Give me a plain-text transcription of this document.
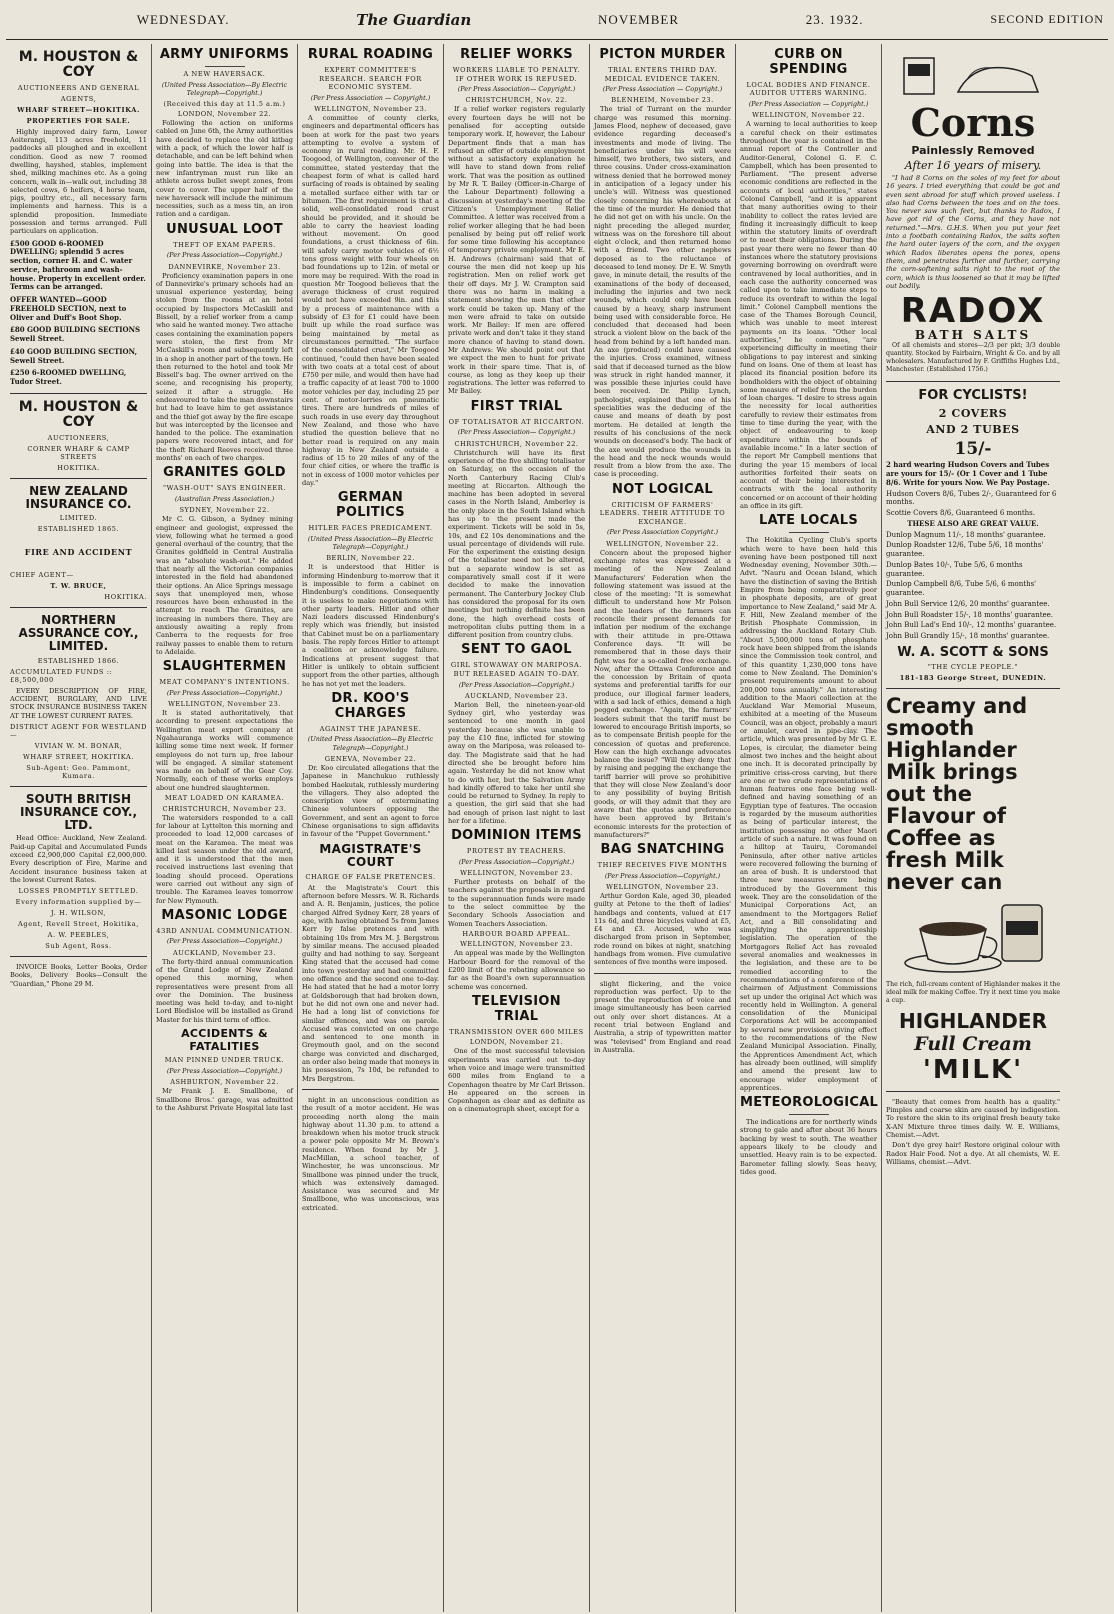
WEDNESDAY.	The Guardian	NOVEMBER	23. 1932.	SECOND EDITION
M. HOUSTON & COY
AUCTIONEERS AND GENERAL
AGENTS,
WHARF STREET—HOKITIKA.
PROPERTIES FOR SALE.

Highly improved dairy farm, Lower Aoiterangi, 113 acres freehold, 11 paddocks all ploughed and in excellent condition. Good as new 7 roomed dwelling, hayshed, stables, implement shed, milking machines etc. As a going concern, walk in—walk out, including 38 selected cows, 6 heifers, 4 horse team, pigs, poultry etc., all necessary farm implements and harness. This is a splendid proposition. Immediate possession and terms arranged. Full particulars on application.

£500 GOOD 6-ROOMED DWELLING; splendid 5 acres section, corner H. and C. water service, bathroom and wash-house. Property in excellent order. Terms can be arranged.
OFFER WANTED—GOOD FREEHOLD SECTION, next to Oliver and Duff's Boot Shop.
£80 GOOD BUILDING SECTIONS Sewell Street.
£40 GOOD BUILDING SECTION, Sewell Street.
£250 6-ROOMED DWELLING, Tudor Street.
M. HOUSTON & COY
AUCTIONEERS,
CORNER WHARF & CAMP STREETS
HOKITIKA.
NEW ZEALAND INSURANCE CO.
LIMITED.
ESTABLISHED 1865.
FIRE AND ACCIDENT
CHIEF AGENT—
T. W. BRUCE,
HOKITIKA.
NORTHERN ASSURANCE COY., LIMITED.
ESTABLISHED 1866.
ACCUMULATED FUNDS :: £8,500,000

EVERY DESCRIPTION OF FIRE, ACCIDENT, BURGLARY, AND LIVE STOCK INSURANCE BUSINESS TAKEN AT THE LOWEST CURRENT RATES.

DISTRICT AGENT FOR WESTLAND—
VIVIAN W. M. BONAR,
WHARF STREET, HOKITIKA.
Sub-Agent: Geo. Pammont, Kumara.
SOUTH BRITISH INSURANCE COY., LTD.

Head Office: Auckland, New Zealand. Paid-up Capital and Accumulated Funds exceed £2,900,000 Capital £2,000,000. Every description of Fire, Marine and Accident insurance business taken at the lowest Current Rates.

LOSSES PROMPTLY SETTLED.
Every information supplied by—
J. H. WILSON,
Agent, Revell Street, Hokitika,
A. W. PEEBLES,
Sub Agent, Ross.

INVOICE Books, Letter Books, Order Books, Delivery Books—Consult the "Guardian," Phone 29 M.

ARMY UNIFORMS
A NEW HAVERSACK.
(United Press Association—By Electric Telegraph—Copyright.)
(Received this day at 11.5 a.m.)
LONDON, November 22.

Following the action on uniforms cabled on June 6th, the Army authorities have decided to replace the old kitbag with a pack, of which the lower half is detachable, and can be left behind when going into battle. The idea is that the new infantryman must run like an athlete across bullet swept zones, from cover to cover. The upper half of the new haversack will include the minimum necessities, such as a mess tin, an iron ration and a cardigan.

UNUSUAL LOOT
THEFT OF EXAM PAPERS.
(Per Press Association—Copyright.)
DANNEVIRKE, November 23.

Proficiency examination papers in one of Dannevirke's primary schools had an unusual experience yesterday, being stolen from the rooms at an hotel occupied by Inspectors McCaskill and Bissell, by a relief worker from a camp who said he wanted money. Two attache cases containing the examination papers were stolen, the first from Mr McCaskill's room and subsequently left in a shop in another part of the town. He then returned to the hotel and took Mr Bissell's bag. The owner arrived on the scene, and recognising his property, seized it after a struggle. He endeavoured to take the man downstairs but had to leave him to get assistance and the thief got away by the fire escape but was intercepted by the licensee and handed to the police. The examination papers were recovered intact, and for the theft Richard Reeves received three months' on each of two charges.

GRANITES GOLD
"WASH-OUT" SAYS ENGINEER.
(Australian Press Association.)
SYDNEY, November 22.

Mr C. G. Gibson, a Sydney mining engineer and geologist, expressed the view, following what he termed a good general overhaul of the country, that the Granites goldfield in Central Australia was an "absolute wash-out." He added that nearly all the Victorian companies interested in the field had abandoned their options. An Alice Springs message says that unemployed men, whose resources have been exhausted in the attempt to reach The Granites, are increasing in numbers there. They are anxiously awaiting a reply from Canberra to the requests for free railway passes to enable them to return to Adelaide.

SLAUGHTERMEN
MEAT COMPANY'S INTENTIONS.
(Per Press Association—Copyright.)
WELLINGTON, November 23.

It is stated authoritatively, that according to present expectations the Wellington meat export company at Ngahauranga works will commence killing some time next week. If former employees do not turn up, free labour will be engaged. A similar statement was made on behalf of the Gear Coy. Normally, each of these works employs about one hundred slaughtermen.

MEAT LOADED ON KARAMEA.
CHRISTCHURCH, November 23.

The watersiders responded to a call for labour at Lyttelton this morning and proceeded to load 12,000 carcases of meat on the Karamea. The meat was killed last season under the old award, and it is understood that the men received instructions last evening that loading should proceed. Operations were carried out without any sign of trouble. The Karamea leaves tomorrow for New Plymouth.

MASONIC LODGE
43RD ANNUAL COMMUNICATION.
(Per Press Association—Copyright.)
AUCKLAND, November 23.

The forty-third annual communication of the Grand Lodge of New Zealand opened this morning, when representatives were present from all over the Dominion. The business meeting was held to-day, and to-night Lord Bledisloe will be installed as Grand Master for his third term of office.

ACCIDENTS & FATALITIES
MAN PINNED UNDER TRUCK.
(Per Press Association—Copyright.)
ASHBURTON, November 22.

Mr Frank J. E. Smallbone, of Smallbone Bros.' garage, was admitted to the Ashburst Private Hospital late last

RURAL ROADING
EXPERT COMMITTEE'S RESEARCH. SEARCH FOR ECONOMIC SYSTEM.
(Per Press Association — Copyright.)
WELLINGTON, November 23.

A committee of county clerks, engineers and departmental officers has been at work for the past two years attempting to evolve a system of economy in rural roading. Mr. H. F. Toogood, of Wellington, convener of the committee, stated yesterday that the cheapest form of what is called hard surfacing of roads is obtained by sealing a metalled surface either with tar or bitumen. The first requirement is that a solid, well-consolidated road crust should be provided, and it should be able to carry the heaviest loading without movement. On good foundations, a crust thickness of 6in. will safely carry motor vehicles of 6½ tons gross weight with four wheels on bad foundations up to 12in. of metal or more may be required. With the road in question Mr Toogood believes that the average thickness of crust required would not have exceeded 9in. and this by a process of maintenance with a subsidy of £3 for £1 could have been built up while the road surface was being maintained by metal as circumstances permitted. "The surface of the consolidated crust," Mr Toogood continued, "could then have been sealed with two coats at a total cost of about £750 per mile, and would then have had a traffic capacity of at least 700 to 1000 motor vehicles per day, including 25 per cent. of motor-lorries on pneumatic tires. There are hundreds of miles of such roads in use every day throughout New Zealand, and those who have studied the question believe that no better road is required on any main highway in New Zealand outside a radius of 15 to 20 miles of any of the four chief cities, or where the traffic is not in excess of 1000 motor vehicles per day."

GERMAN POLITICS
HITLER FACES PREDICAMENT.
(United Press Association—By Electric Telegraph—Copyright.)
BERLIN, November 22.

It is understood that Hitler is informing Hindenburg to-morrow that it is impossible to form a cabinet on Hindenburg's conditions. Consequently it is useless to make negotiations with other party leaders. Hitler and other Nazi leaders discussed Hindenburg's reply which was friendly, but insisted that Cabinet must be on a parliamentary basis. The reply forces Hitler to attempt a coalition or acknowledge failure. Indications at present suggest that Hitler is unlikely to obtain sufficient support from the other parties, although he has not yet met the leaders.

DR. KOO'S CHARGES
AGAINST THE JAPANESE.
(United Press Association—By Electric Telegraph—Copyright.)
GENEVA, November 22.

Dr. Koo circulated allegations that the Japanese in Manchukuo ruthlessly bombed Haekutak, ruthlessly murdering the villagers. They also adopted the conscription view of exterminating Chinese volunteers opposing the Government, and sent an agent to force Chinese organisations to sign affidavits in favour of the "Puppet Government."

MAGISTRATE'S COURT
CHARGE OF FALSE PRETENCES.

At the Magistrate's Court this afternoon before Messrs. W. R. Richards and A. R. Benjamin, justices, the police charged Alfred Sydney Kerr, 28 years of age, with having obtained 5s from James Kerr by false pretences and with obtaining 10s from Mrs M. J. Bergstrom by similar means. The accused pleaded guilty and had nothing to say. Sergeant King stated that the accused had come into town yesterday and had committed one offence and the second one to-day. He had stated that he had a motor lorry at Goldsborough that had broken down, but he did not own one and never had. He had a long list of convictions for similar offences, and was on parole. Accused was convicted on one charge and sentenced to one month in Greymouth gaol, and on the second charge was convicted and discharged, an order also being made that moneys in his possession, 7s 10d, be refunded to Mrs Bergstrom.

night in an unconscious condition as the result of a motor accident. He was proceeding north along the main highway about 11.30 p.m. to attend a breakdown when his motor truck struck a power pole opposite Mr M. Brown's residence. When found by Mr J. MacMillan, a school teacher, of Winchester, he was unconscious. Mr Smallbone was pinned under the truck, which was extensively damaged. Assistance was secured and Mr Smallbone, who was unconscious, was extricated.

RELIEF WORKS
WORKERS LIABLE TO PENALTY. IF OTHER WORK IS REFUSED.
(Per Press Association— Copyright.)
CHRISTCHURCH, Nov. 22.

If a relief worker registers regularly every fourteen days he will not be penalised for accepting outside temporary work. If, however, the Labour Department finds that a man has refused an offer of outside employment without a satisfactory explanation he will have to stand down from relief work. That was the position as outlined by Mr R. T. Bailey (Officer-in-Charge of the Labour Department) following a discussion at yesterday's meeting of the Citizen's Unemployment Relief Committee. A letter was received from a relief worker alleging that he had been penalised by being put off relief work for some time following his acceptance of temporary private employment. Mr E. H. Andrews (chairman) said that of course the men did not keep up his registration. Men on relief work get their off days. Mr J. W. Crampton said there was no harm in making a statement showing the men that other work could be taken up. Many of the men were afraid to take on outside work. Mr Bailey: If men are offered private work and don't take it they stand more chance of having to stand down. Mr Andrews: We should point out that we expect the men to hunt for private work in their spare time. That is, of course, as long as they keep up their registrations. The letter was referred to Mr Bailey.

FIRST TRIAL
OF TOTALISATOR AT RICCARTON.
(Per Press Association— Copyright.)
CHRISTCHURCH, November 22.

Christchurch will have its first experience of the five shilling totalisator on Saturday, on the occasion of the North Canterbury Racing Club's meeting at Riccarton. Although the machine has been adopted in several cases in the North Island, Amberley is the only place in the South Island which has up to the present made the experiment. Tickets will be sold in 5s, 10s, and £2 10s denominations and the usual percentage of dividends will rule. For the experiment the existing design of the totalisator need not be altered, but a separate window is set as comparatively small cost if it were decided to make the innovation permanent. The Canterbury Jockey Club has considered the proposal for its own meetings but nothing definite has been done, the high overhead costs of metropolitan clubs putting them in a different position from country clubs.

SENT TO GAOL
GIRL STOWAWAY ON MARIPOSA. BUT RELEASED AGAIN TO-DAY.
(Per Press Association—Copyright.)
AUCKLAND, November 23.

Marion Bell, the nineteen-year-old Sydney girl, who yesterday was sentenced to one month in gaol yesterday because she was unable to pay the £10 fine, inflicted for stowing away on the Mariposa, was released to-day. The Magistrate said that he had directed she be brought before him again. Yesterday he did not know what to do with her, but the Salvation Army had kindly offered to take her until she could be returned to Sydney. In reply to a question, the girl said that she had had enough of prison last night to last her for a lifetime.

DOMINION ITEMS
PROTEST BY TEACHERS.
(Per Press Association—Copyright.)
WELLINGTON, November 23.

Further protests on behalf of the teachers against the proposals in regard to the superannuation funds were made to the select committee by the Secondary Schools Association and Women Teachers Association.

HARBOUR BOARD APPEAL.
WELLINGTON, November 23.

An appeal was made by the Wellington Harbour Board for the removal of the £200 limit of the rebating allowance so far as the Board's own superannuation scheme was concerned.

TELEVISION TRIAL
TRANSMISSION OVER 600 MILES
LONDON, November 21.

One of the most successful television experiments was carried out to-day when voice and image were transmitted 600 miles from England to a Copenhagen theatre by Mr Carl Brisson. He appeared on the screen in Copenhagen as clear and as definite as on a cinematograph sheet, except for a

PICTON MURDER
TRIAL ENTERS THIRD DAY. MEDICAL EVIDENCE TAKEN.
(Per Press Association — Copyright.)
BLENHEIM, November 23.

The trial of Turrant on the murder charge was resumed this morning. James Flood, nephew of deceased, gave evidence regarding deceased's investments and mode of living. The beneficiaries under his will were himself, two brothers, two sisters, and three cousins. Under cross-examination witness denied that he borrowed money in anticipation of a legacy under his uncle's will. Witness was questioned closely concerning his whereabouts at the time of the murder. He denied that he did not get on with his uncle. On the night preceding the alleged murder, witness was on the foreshore till about eight o'clock, and then returned home with a friend. Two other nephews deposed as to the reluctance of deceased to lend money. Dr E. W. Smyth gave, in minute detail, the results of the examinations of the body of deceased, including the injuries and two neck wounds, which could only have been caused by a heavy, sharp instrument being used with considerable force. He concluded that deceased had been struck a violent blow on the back of the head from behind by a left handed man. An axe (produced) could have caused the injuries. Cross examined, witness said that if deceased turned as the blow was struck in right handed manner, it was possible these injuries could have been received. Dr. Philip Lynch, pathologist, explained that one of his specialities was the deducing of the cause and means of death by post mortem. He detailed at length the results of his conclusions of the neck wounds on deceased's body. The back of the axe would produce the wounds in the head and the neck wounds would result from a blow from the axe. The case is proceeding.

NOT LOGICAL
CRITICISM OF FARMERS' LEADERS. THEIR ATTITUDE TO EXCHANGE.
(Per Press Association Copyright.)
WELLINGTON, November 22.

Concern about the proposed higher exchange rates was expressed at a meeting of the New Zealand Manufacturers' Federation when the following statement was issued at the close of the meeting: "It is somewhat difficult to understand how Mr Polson and the leaders of the farmers can reconcile their present demands for inflation per medium of the exchange with their attitude in pre-Ottawa Conference days. "It will be remembered that in those days their fight was for a so-called free exchange. Now, after the Ottawa Conference and the concession by Britain of quota systems and preferential tariffs for our produce, our illogical farmer leaders, with a sad lack of ethics, demand a high pegged exchange. "Again, the farmers' leaders submit that the tariff must be lowered to encourage British imports, so as to compensate British people for the concession of quotas and preference. How can the high exchange advocates balance the issue? "Will they deny that by raising and pegging the exchange the tariff barrier will prove so prohibitive that they will close New Zealand's door to any possibility of buying British goods, or will they admit that they are aware that the quotas and preference have been approved by Britain's economic interests for the protection of manufacturers?"

BAG SNATCHING
THIEF RECEIVES FIVE MONTHS
(Per Press Association—Copyright.)
WELLINGTON, November 23.

Arthur Gordon Kale, aged 30, pleaded guilty at Petone to the theft of ladies' handbags and contents, valued at £17 11s 6d, and three bicycles valued at £5, £4 and £3. Accused, who was discharged from prison in September, rode round on bikes at night, snatching handbags from women. Five cumulative sentences of five months were imposed.

slight flickering, and the voice reproduction was perfect. Up to the present the reproduction of voice and image simultaneously has been carried out only over short distances. At a recent trial between England and Australia, a strip of typewritten matter was "televised" from England and read in Australia.

CURB ON SPENDING
LOCAL BODIES AND FINANCE. AUDITOR UTTERS WARNING.
(Per Press Association — Copyright.)
WELLINGTON, November 22.

A warning to local authorities to keep a careful check on their estimates throughout the year is contained in the annual report of the Controller and Auditor-General, Colonel G. F. C. Campbell, which has been presented to Parliament. "The present adverse economic conditions are reflected in the accounts of local authorities," states Colonel Campbell, "and it is apparent that many authorities owing to their inability to collect the rates levied are finding it increasingly difficult to keep within the statutory limits of overdraft or to meet their obligations. During the past year there were no fewer than 40 instances where the statutory provisions governing borrowing on overdraft were contravened by local authorities, and in each case the authority concerned was called upon to take immediate steps to reduce its overdraft to within the legal limit." Colonel Campbell mentions the case of the Thames Borough Council, which was unable to meet interest payments on its loans. "Other local authorities," he continues, "are experiencing difficulty in meeting their obligations to pay interest and sinking fund on loans. One of them at least has placed its financial position before its bondholders with the object of obtaining some measure of relief from the burden of loan charges. "I desire to stress again the necessity for local authorities carefully to review their estimates from time to time during the year, with the object of endeavouring to keep expenditure within the bounds of available income." In a later section of the report Mr Campbell mentions that during the year 15 members of local authorities forfeited their seats on account of their being interested in contracts with the local authority concerned or on account of their holding an office in its gift.

LATE LOCALS

The Hokitika Cycling Club's sports which were to have been held this evening have been postponed till next Wednesday evening, November 30th.—Advt. "Nauru and Ocean Island, which have the distinction of saving the British Empire from being comparatively poor in phosphate deposits, are of great importance to New Zealand," said Mr A. F. Hill, New Zealand member of the British Phosphate Commission, in addressing the Auckland Rotary Club. "About 5,500,000 tons of phosphate rock have been shipped from the islands since the Commission took control, and of this quantity 1,230,000 tons have come to New Zealand. The Dominion's present requirements amount to about 200,000 tons annually." An interesting addition to the Maori collection at the Auckland War Memorial Museum, exhibited at a meeting of the Museum Council, was an object, probably a mauri or amulet, carved in pipe-clay. The article, which was presented by Mr G. E. Lopes, is circular, the diameter being almost two inches and the height about one inch. It is decorated principally by primitive criss-cross carving, but there are one or two crude representations of human features one face being well-defined and having something of an Egyptian type of features. The occasion is regarded by the museum authorities as being of particular interest, the institution possessing no other Maori article of such a nature. It was found on a hilltop at Tauiru, Coromandel Peninsula, after other native articles were recovered following the burning of an area of bush. It is understood that three new measures are being introduced by the Government this week. They are the consolidation of the Municipal Corporations Act, an amendment to the Mortgagors Relief Act, and a Bill consolidating and simplifying the apprenticeship legislation. The operation of the Mortgagors Relief Act has revealed several anomalies and weaknesses in the legislation, and these are to be remedied according to the recommendations of a conference of the chairmen of Adjustment Commissions set up under the original Act which was recently held in Wellington. A general consolidation of the Municipal Corporations Act will be accompanied by several new provisions giving effect to the recommendations of the New Zealand Municipal Association. Finally, the Apprentices Amendment Act, which has already been outlined, will simplify and amend the present law to encourage wider employment of apprentices.

METEOROLOGICAL

The indications are for northerly winds strong to gale and after about 36 hours backing by west to south. The weather appears likely to be cloudy and unsettled. Heavy rain is to be expected. Barometer falling slowly. Seas heavy, tides good.

Corns
Painlessly Removed
After 16 years of misery.

"I had 8 Corns on the soles of my feet for about 16 years. I tried everything that could be got and even sent abroad for stuff which proved useless. I also had Corns between the toes and on the toes. You never saw such feet, but thanks to Radox, I have got rid of the Corns, and they have not returned."—Mrs. G.H.S. When you put your feet into a footbath containing Radox, the salts soften the hard outer layers of the corn, and the oxygen which Radox liberates opens the pores, opens them, and penetrates further and further, carrying the corn-softening salts right to the root of the corn, which is thus loosened so that it may be lifted out bodily.

RADOX
BATH SALTS

Of all chemists and stores—2/3 per pkt; 3/3 double quantity. Stocked by Fairbairn, Wright & Co. and by all wholesalers. Manufactured by F. Griffiths Hughes Ltd., Manchester. (Established 1756.)

FOR CYCLISTS!
2 COVERS
AND 2 TUBES
15/-

2 hard wearing Hudson Covers and Tubes are yours for 15/- (Or 1 Cover and 1 Tube 8/6. Write for yours Now. We Pay Postage.

Hudson Covers 8/6, Tubes 2/-, Guaranteed for 6 months.

Scottie Covers 8/6, Guaranteed 6 months.

THESE ALSO ARE GREAT VALUE.

Dunlop Magnum 11/-, 18 months' guarantee.

Dunlop Roadster 12/6, Tube 5/6, 18 months' guarantee.

Dunlop Bates 10/-, Tube 5/6, 6 months guarantee.

Dunlop Campbell 8/6, Tube 5/6, 6 months' guarantee.

John Bull Service 12/6, 20 months' guarantee.

John Bull Roadster 15/-, 18 months' guarantee.

John Bull Lad's End 10/-, 12 months' guarantee.

John Bull Grandly 15/-, 18 months' guarantee.

W. A. SCOTT & SONS
"THE CYCLE PEOPLE."
181-183 George Street, DUNEDIN.
Creamy and smooth Highlander Milk brings out the Flavour of Coffee as fresh Milk never can

The rich, full-cream content of Highlander makes it the ideal milk for making Coffee. Try it next time you make a cup.

HIGHLANDER
Full Cream
'MILK'

"Beauty that comes from health has a quality." Pimples and coarse skin are caused by indigestion. To restore the skin to its original fresh beauty take X-AN Mixture three times daily. W. E. Williams, Chemist.—Advt.

Don't dye grey hair! Restore original colour with Radox Hair Food. Not a dye. At all chemists, W. E. Williams, chemist.—Advt.
